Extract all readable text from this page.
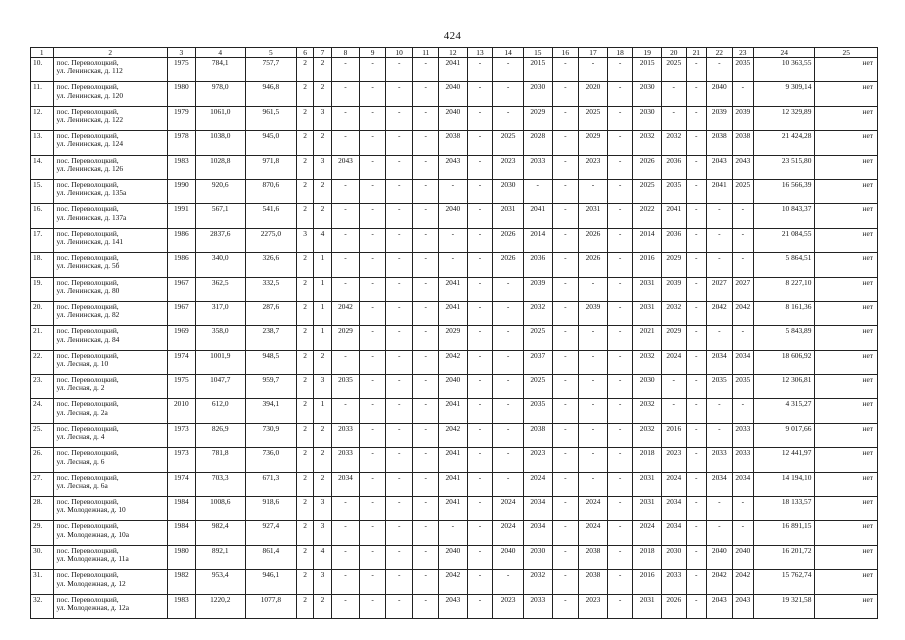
424
1	2	3	4	5	6	7	8	9	10	11	12	13	14	15	16	17	18	19	20	21	22	23	24	25
10.	пос. Переволоцкий,
ул. Ленинская, д. 112	1975	784,1	757,7	2	2	-	-	-	-	2041	-	-	2015	-	-	-	2015	2025	-	-	2035	10 363,55	нет
11.	пос. Переволоцкий,
ул. Ленинская, д. 120	1980	978,0	946,8	2	2	-	-	-	-	2040	-	-	2030	-	2020	-	2030	-	-	2040	-	9 309,14	нет
12.	пос. Переволоцкий,
ул. Ленинская, д. 122	1979	1061,0	961,5	2	3	-	-	-	-	2040	-	-	2029	-	2025	-	2030	-	-	2039	2039	12 329,89	нет
13.	пос. Переволоцкий,
ул. Ленинская, д. 124	1978	1038,0	945,0	2	2	-	-	-	-	2038	-	2025	2028	-	2029	-	2032	2032	-	2038	2038	21 424,28	нет
14.	пос. Переволоцкий,
ул. Ленинская, д. 126	1983	1028,8	971,8	2	3	2043	-	-	-	2043	-	2023	2033	-	2023	-	2026	2036	-	2043	2043	23 515,80	нет
15.	пос. Переволоцкий,
ул. Ленинская, д. 135а	1990	920,6	870,6	2	2	-	-	-	-	-	-	2030	-	-	-	-	2025	2035	-	2041	2025	16 566,39	нет
16.	пос. Переволоцкий,
ул. Ленинская, д. 137а	1991	567,1	541,6	2	2	-	-	-	-	2040	-	2031	2041	-	2031	-	2022	2041	-	-	-	10 843,37	нет
17.	пос. Переволоцкий,
ул. Ленинская, д. 141	1986	2837,6	2275,0	3	4	-	-	-	-	-	-	2026	2014	-	2026	-	2014	2036	-	-	-	21 084,55	нет
18.	пос. Переволоцкий,
ул. Ленинская, д. 5б	1986	340,0	326,6	2	1	-	-	-	-	-	-	2026	2036	-	2026	-	2016	2029	-	-	-	5 864,51	нет
19.	пос. Переволоцкий,
ул. Ленинская, д. 80	1967	362,5	332,5	2	1	-	-	-	-	2041	-	-	2039	-	-	-	2031	2039	-	2027	2027	8 227,10	нет
20.	пос. Переволоцкий,
ул. Ленинская, д. 82	1967	317,0	287,6	2	1	2042	-	-	-	2041	-	-	2032	-	2039	-	2031	2032	-	2042	2042	8 161,36	нет
21.	пос. Переволоцкий,
ул. Ленинская, д. 84	1969	358,0	238,7	2	1	2029	-	-	-	2029	-	-	2025	-	-	-	2021	2029	-	-	-	5 843,89	нет
22.	пос. Переволоцкий,
ул. Лесная, д. 10	1974	1001,9	948,5	2	2	-	-	-	-	2042	-	-	2037	-	-	-	2032	2024	-	2034	2034	18 606,92	нет
23.	пос. Переволоцкий,
ул. Лесная, д. 2	1975	1047,7	959,7	2	3	2035	-	-	-	2040	-	-	2025	-	-	-	2030	-	-	2035	2035	12 306,81	нет
24.	пос. Переволоцкий,
ул. Лесная, д. 2а	2010	612,0	394,1	2	1	-	-	-	-	2041	-	-	2035	-	-	-	2032	-	-	-	-	4 315,27	нет
25.	пос. Переволоцкий,
ул. Лесная, д. 4	1973	826,9	730,9	2	2	2033	-	-	-	2042	-	-	2038	-	-	-	2032	2016	-	-	2033	9 017,66	нет
26.	пос. Переволоцкий,
ул. Лесная, д. 6	1973	781,8	736,0	2	2	2033	-	-	-	2041	-	-	2023	-	-	-	2018	2023	-	2033	2033	12 441,97	нет
27.	пос. Переволоцкий,
ул. Лесная, д. 6а	1974	703,3	671,3	2	2	2034	-	-	-	2041	-	-	2024	-	-	-	2031	2024	-	2034	2034	14 194,10	нет
28.	пос. Переволоцкий,
ул. Молодежная, д. 10	1984	1008,6	918,6	2	3	-	-	-	-	2041	-	2024	2034	-	2024	-	2031	2034	-	-	-	18 133,57	нет
29.	пос. Переволоцкий,
ул. Молодежная, д. 10а	1984	982,4	927,4	2	3	-	-	-	-	-	-	2024	2034	-	2024	-	2024	2034	-	-	-	16 891,15	нет
30.	пос. Переволоцкий,
ул. Молодежная, д. 11а	1980	892,1	861,4	2	4	-	-	-	-	2040	-	2040	2030	-	2038	-	2018	2030	-	2040	2040	16 201,72	нет
31.	пос. Переволоцкий,
ул. Молодежная, д. 12	1982	953,4	946,1	2	3	-	-	-	-	2042	-	-	2032	-	2038	-	2016	2033	-	2042	2042	15 762,74	нет
32.	пос. Переволоцкий,
ул. Молодежная, д. 12а	1983	1220,2	1077,8	2	2	-	-	-	-	2043	-	2023	2033	-	2023	-	2031	2026	-	2043	2043	19 321,58	нет
